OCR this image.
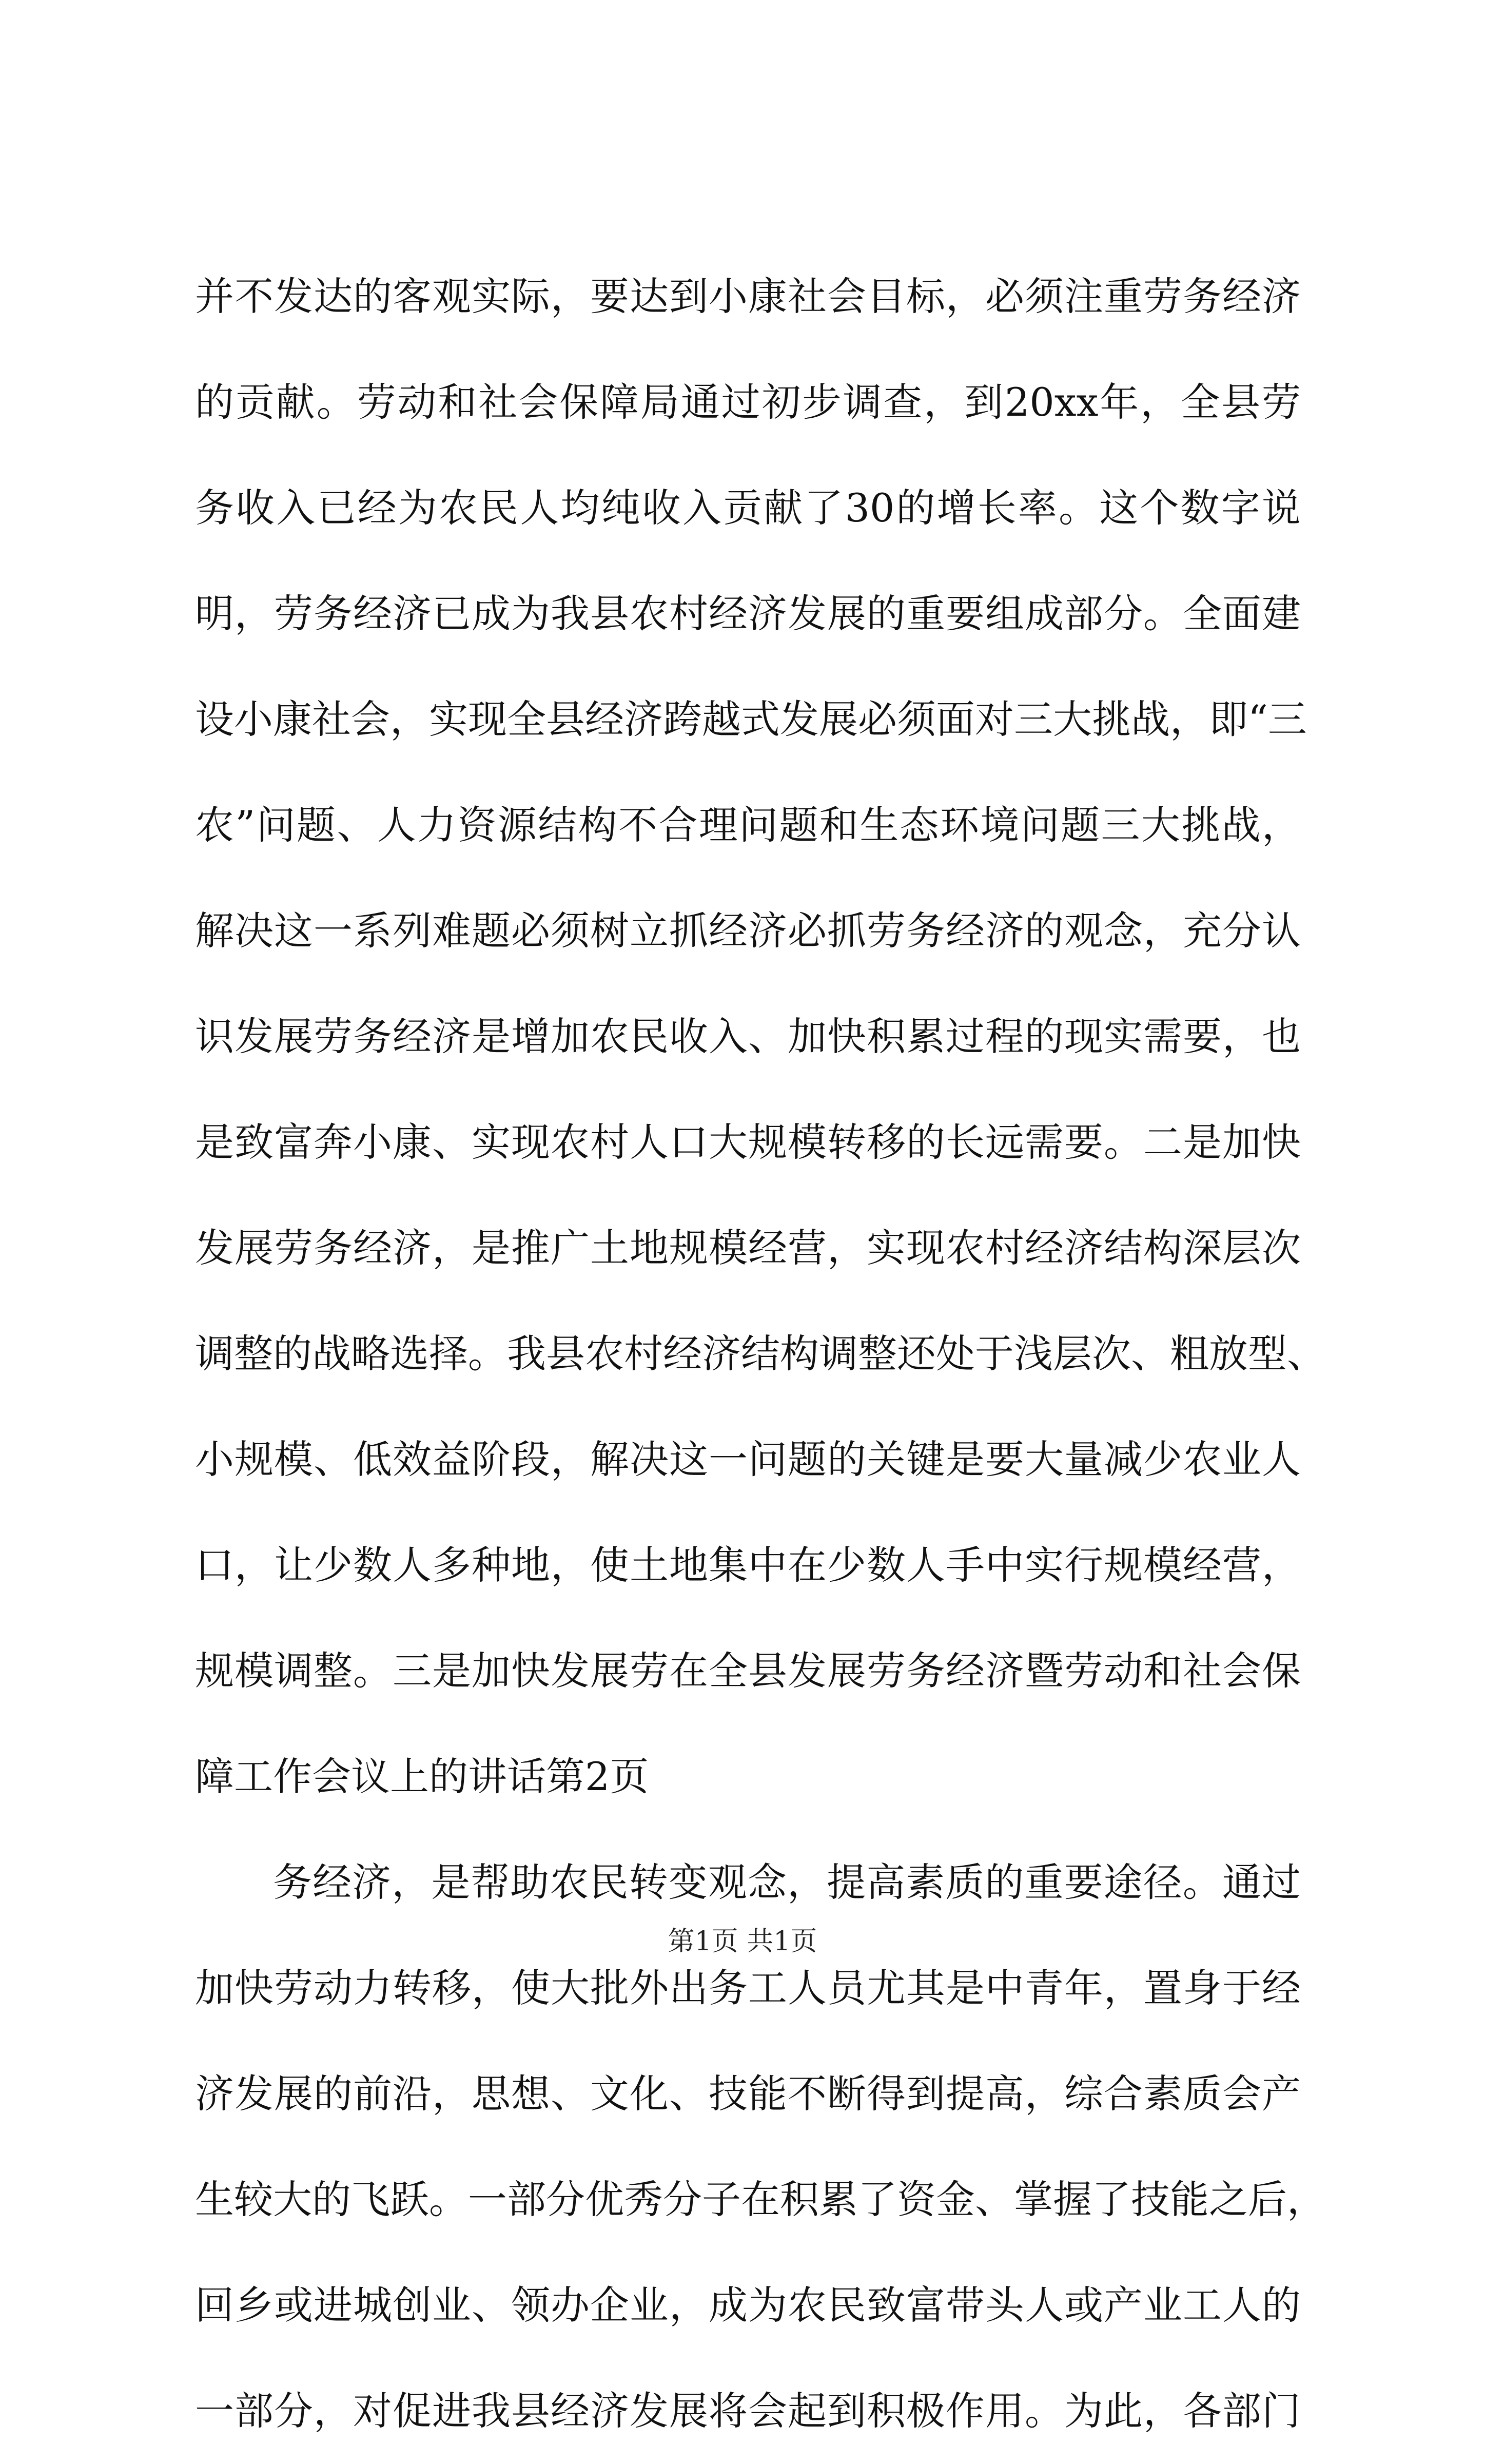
并不发达的客观实际，要达到小康社会目标，必须注重劳务经济
的贡献。劳动和社会保障局通过初步调查，到20xx年，全县劳
务收入已经为农民人均纯收入贡献了30的增长率。这个数字说
明，劳务经济已成为我县农村经济发展的重要组成部分。全面建
设小康社会，实现全县经济跨越式发展必须面对三大挑战，即“三
农”问题、人力资源结构不合理问题和生态环境问题三大挑战，
解决这一系列难题必须树立抓经济必抓劳务经济的观念，充分认
识发展劳务经济是增加农民收入、加快积累过程的现实需要，也
是致富奔小康、实现农村人口大规模转移的长远需要。二是加快
发展劳务经济，是推广土地规模经营，实现农村经济结构深层次
调整的战略选择。我县农村经济结构调整还处于浅层次、粗放型、
小规模、低效益阶段，解决这一问题的关键是要大量减少农业人
口，让少数人多种地，使土地集中在少数人手中实行规模经营，
规模调整。三是加快发展劳在全县发展劳务经济暨劳动和社会保
障工作会议上的讲话第2页
务经济，是帮助农民转变观念，提高素质的重要途径。通过
加快劳动力转移，使大批外出务工人员尤其是中青年，置身于经
济发展的前沿，思想、文化、技能不断得到提高，综合素质会产
生较大的飞跃。一部分优秀分子在积累了资金、掌握了技能之后，
回乡或进城创业、领办企业，成为农民致富带头人或产业工人的
一部分，对促进我县经济发展将会起到积极作用。为此，各部门
第1页 共1页
